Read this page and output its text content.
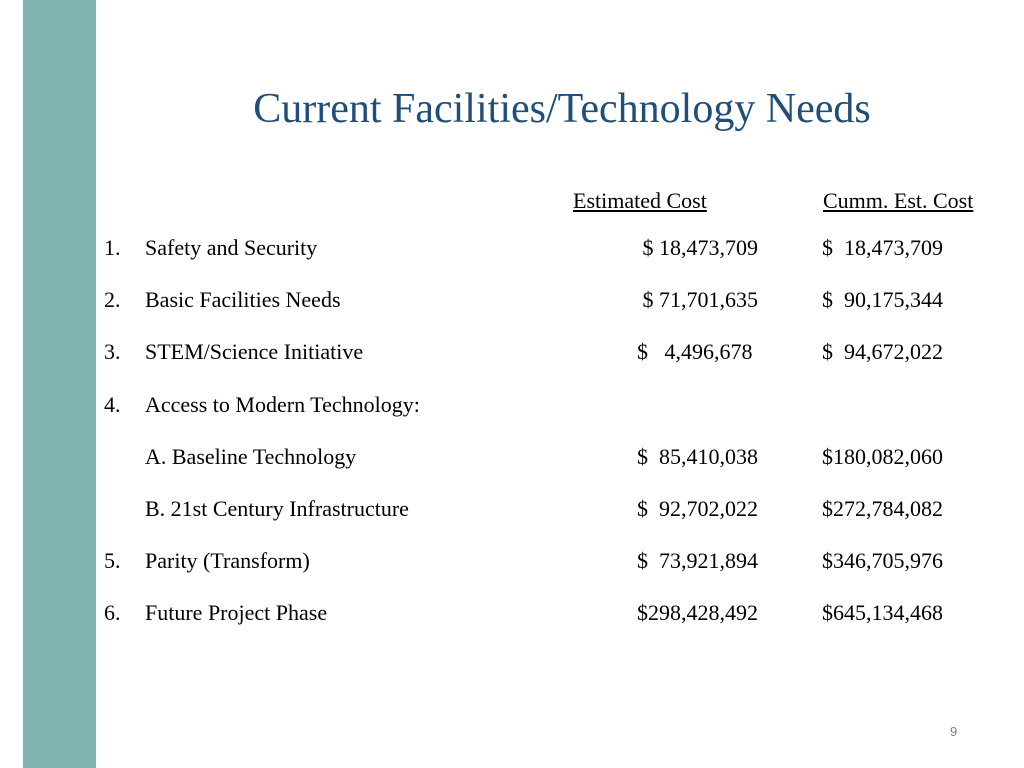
Current Facilities/Technology Needs
Estimated Cost	Cumm. Est. Cost
1. Safety and Security	$ 18,473,709	$  18,473,709
2. Basic Facilities Needs	$ 71,701,635	$  90,175,344
3. STEM/Science Initiative	$   4,496,678	$  94,672,022
4. Access to Modern Technology:
A. Baseline Technology	$  85,410,038	$180,082,060
B. 21st Century Infrastructure	$  92,702,022	$272,784,082
5. Parity (Transform)	$  73,921,894	$346,705,976
6. Future Project Phase	$298,428,492	$645,134,468
9
